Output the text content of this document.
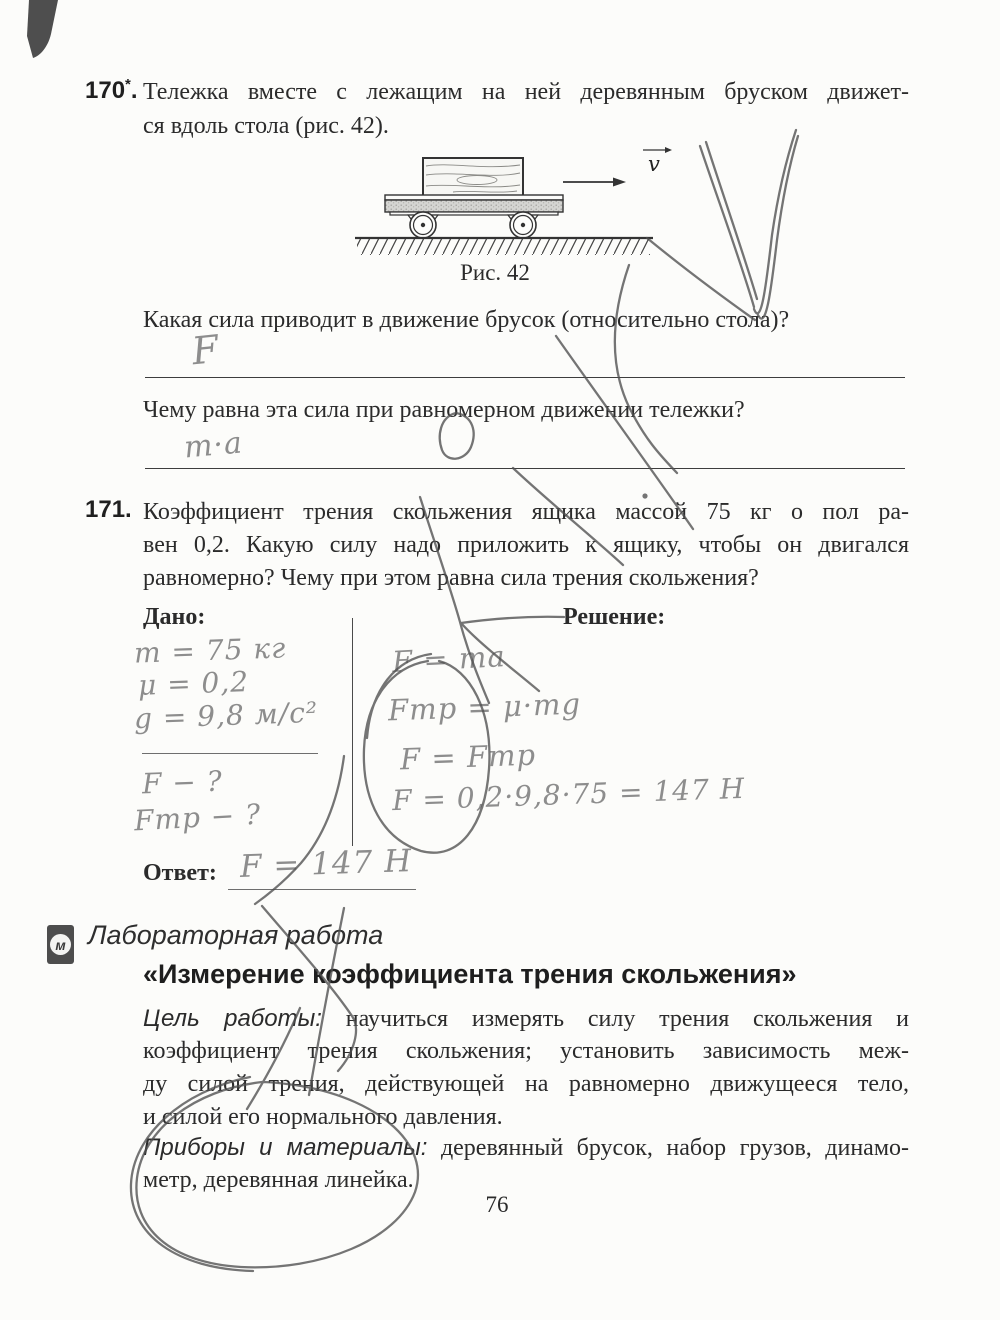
170*. Тележка вместе с лежащим на ней деревянным бруском движет-
ся вдоль стола (рис. 42).
v
Рис. 42
Какая сила приводит в движение брусок (относительно стола)?
F
Чему равна эта сила при равномерном движении тележки?
m·a
171. Коэффициент трения скольжения ящика массой 75 кг о пол ра-
вен 0,2. Какую силу надо приложить к ящику, чтобы он двигался
равномерно? Чему при этом равна сила трения скольжения?
Дано:	Решение:
m = 75 кг
μ = 0,2
g = 9,8 м/с²
F − ?
Fтр − ?
F = ma
Fтр = μ·mg
F = Fтр
F = 0,2·9,8·75 = 147 Н
Ответ: F = 147 Н
м Лабораторная работа
«Измерение коэффициента трения скольжения»
Цель работы: научиться измерять силу трения скольжения и
коэффициент трения скольжения; установить зависимость меж-
ду силой трения, действующей на равномерно движущееся тело,
и силой его нормального давления.
Приборы и материалы: деревянный брусок, набор грузов, динамо-
метр, деревянная линейка.
76
